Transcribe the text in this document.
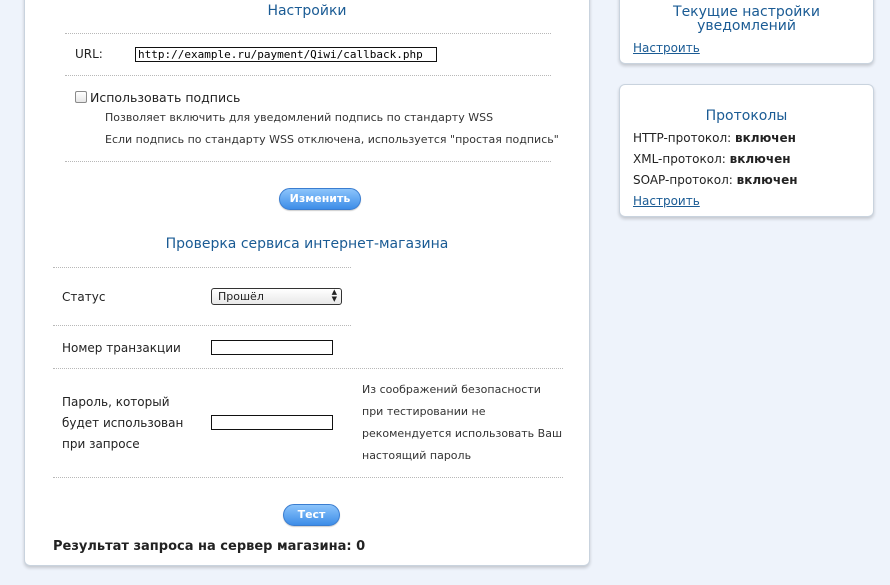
Настройки
URL:
http://example.ru/payment/Qiwi/callback.php
Использовать подпись
Позволяет включить для уведомлений подпись по стандарту WSS
Если подпись по стандарту WSS отключена, используется "простая подпись"
Изменить
Проверка сервиса интернет-магазина
Статус	Прошёл	▲
▼
Номер транзакции
Пароль, который
будет использован
при запросе
Из соображений безопасности
при тестировании не
рекомендуется использовать Ваш
настоящий пароль
Тест
Результат запроса на сервер магазина: 0
Текущие настройки
уведомлений
Настроить
Протоколы
HTTP-протокол: включен
XML-протокол: включен
SOAP-протокол: включен
Настроить
